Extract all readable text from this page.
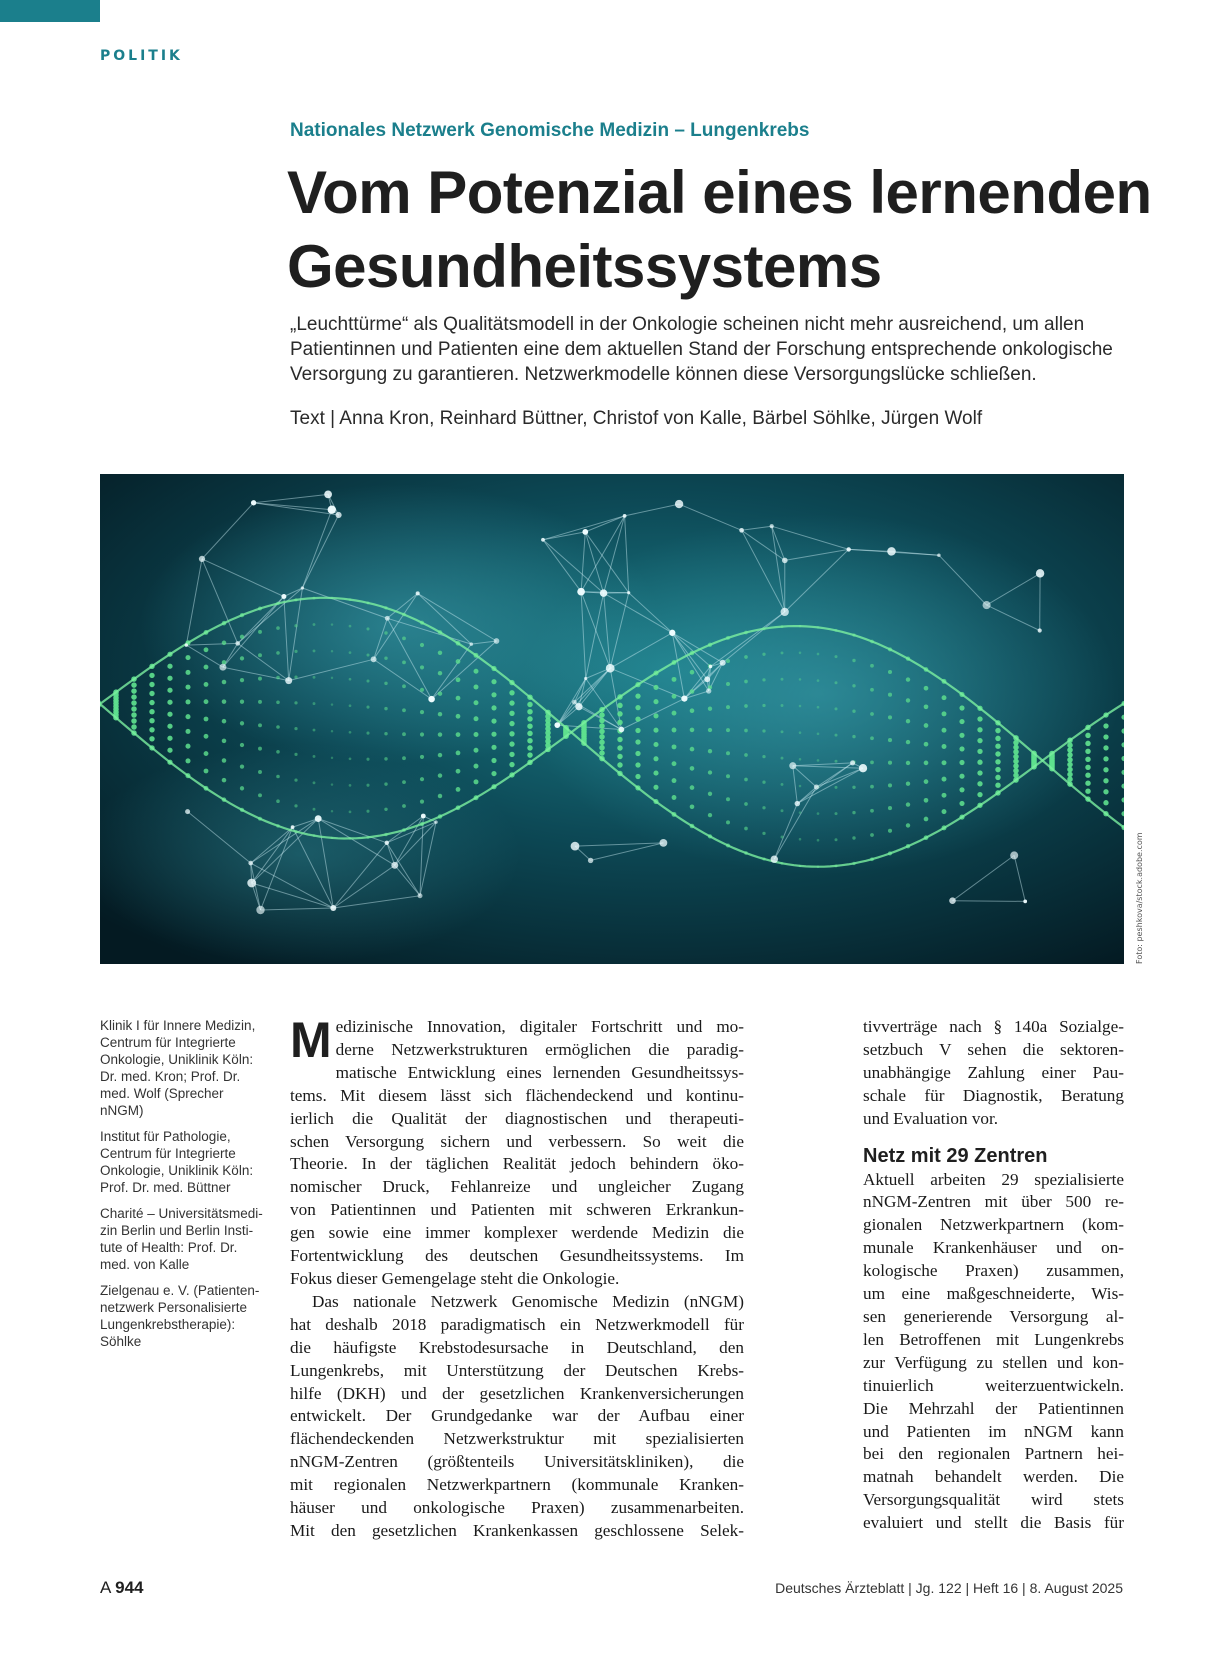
POLITIK
Nationales Netzwerk Genomische Medizin – Lungenkrebs
Vom Potenzial eines lernenden
Gesundheitssystems
„Leuchttürme“ als Qualitätsmodell in der Onkologie scheinen nicht mehr ausreichend, um allen
Patientinnen und Patienten eine dem aktuellen Stand der Forschung entsprechende onkologische
Versorgung zu garantieren. Netzwerkmodelle können diese Versorgungslücke schließen.
Text | Anna Kron, Reinhard Büttner, Christof von Kalle, Bärbel Söhlke, Jürgen Wolf
Foto: peshkova/stock.adobe.com
Klinik I für Innere Medizin,
Centrum für Integrierte
Onkologie, Uniklinik Köln:
Dr. med. Kron; Prof. Dr.
med. Wolf (Sprecher
nNGM)
Institut für Pathologie,
Centrum für Integrierte
Onkologie, Uniklinik Köln:
Prof. Dr. med. Büttner
Charité – Universitätsmedi-
zin Berlin und Berlin Insti-
tute of Health: Prof. Dr.
med. von Kalle
Zielgenau e. V. (Patienten-
netzwerk Personalisierte
Lungenkrebstherapie):
Söhlke
M edizinische Innovation, digitaler Fortschritt und mo-
derne Netzwerkstrukturen ermöglichen die paradig-
matische Entwicklung eines lernenden Gesundheitssys-
tems. Mit diesem lässt sich flächendeckend und kontinu-
ierlich die Qualität der diagnostischen und therapeuti-
schen Versorgung sichern und verbessern. So weit die
Theorie. In der täglichen Realität jedoch behindern öko-
nomischer Druck, Fehlanreize und ungleicher Zugang
von Patientinnen und Patienten mit schweren Erkrankun-
gen sowie eine immer komplexer werdende Medizin die
Fortentwicklung des deutschen Gesundheitssystems. Im
Fokus dieser Gemengelage steht die Onkologie.
Das nationale Netzwerk Genomische Medizin (nNGM)
hat deshalb 2018 paradigmatisch ein Netzwerkmodell für
die häufigste Krebstodesursache in Deutschland, den
Lungenkrebs, mit Unterstützung der Deutschen Krebs-
hilfe (DKH) und der gesetzlichen Krankenversicherungen
entwickelt. Der Grundgedanke war der Aufbau einer
flächendeckenden Netzwerkstruktur mit spezialisierten
nNGM-Zentren (größtenteils Universitätskliniken), die
mit regionalen Netzwerkpartnern (kommunale Kranken-
häuser und onkologische Praxen) zusammenarbeiten.
Mit den gesetzlichen Krankenkassen geschlossene Selek-
tivverträge nach § 140a Sozialge-
setzbuch V sehen die sektoren-
unabhängige Zahlung einer Pau-
schale für Diagnostik, Beratung
und Evaluation vor.
Netz mit 29 Zentren
Aktuell arbeiten 29 spezialisierte
nNGM-Zentren mit über 500 re-
gionalen Netzwerkpartnern (kom-
munale Krankenhäuser und on-
kologische Praxen) zusammen,
um eine maßgeschneiderte, Wis-
sen generierende Versorgung al-
len Betroffenen mit Lungenkrebs
zur Verfügung zu stellen und kon-
tinuierlich weiterzuentwickeln.
Die Mehrzahl der Patientinnen
und Patienten im nNGM kann
bei den regionalen Partnern hei-
matnah behandelt werden. Die
Versorgungsqualität wird stets
evaluiert und stellt die Basis für
A 944	Deutsches Ärzteblatt | Jg. 122 | Heft 16 | 8. August 2025
